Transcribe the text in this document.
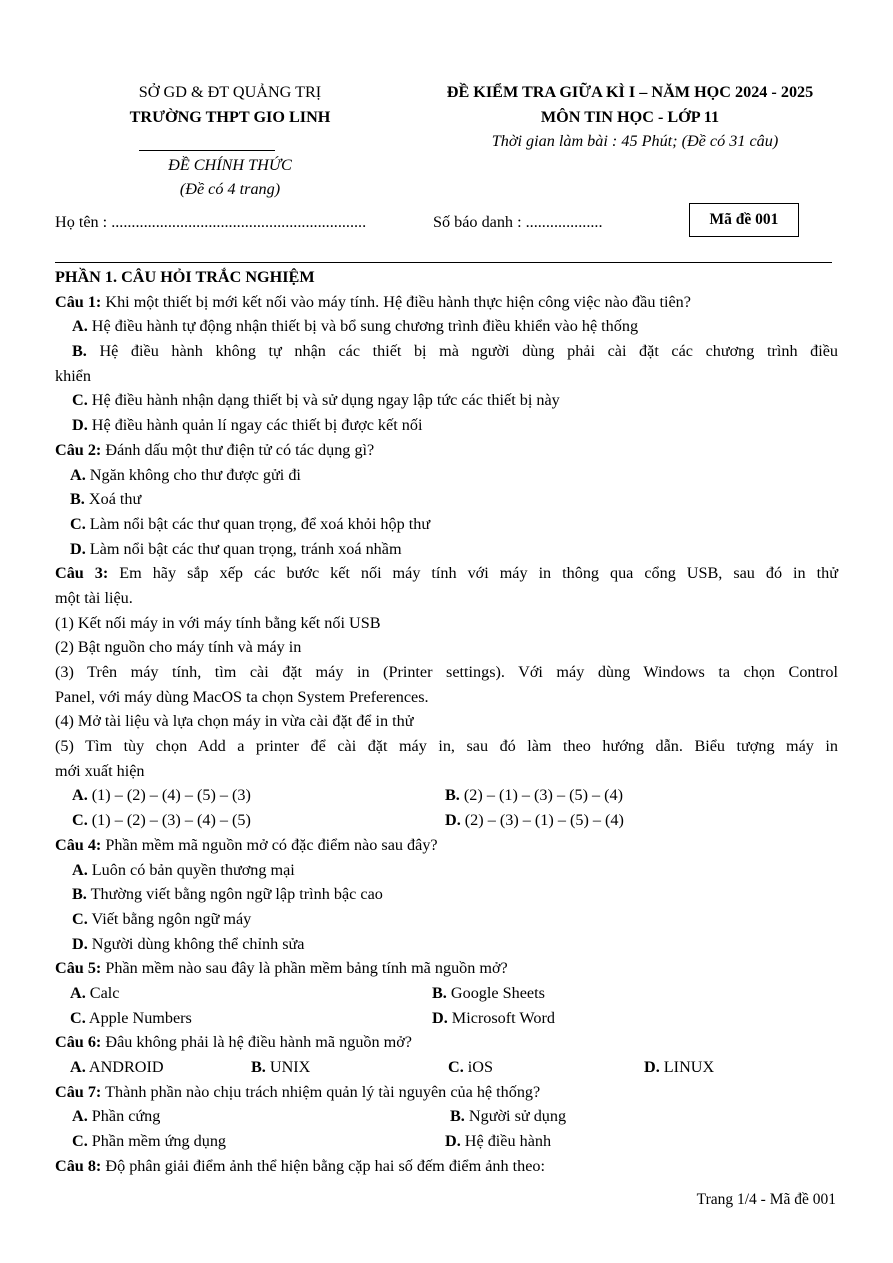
SỞ GD & ĐT QUẢNG TRỊ
TRƯỜNG THPT GIO LINH
ĐỀ CHÍNH THỨC
(Đề có 4 trang)
ĐỀ KIỂM TRA GIỮA KÌ I – NĂM HỌC 2024 - 2025
MÔN TIN HỌC - LỚP 11
Thời gian làm bài : 45 Phút; (Đề có 31 câu)
Họ tên : ...............................................................	Số báo danh : ...................	Mã đề 001
PHẦN 1. CÂU HỎI TRẮC NGHIỆM
Câu 1: Khi một thiết bị mới kết nối vào máy tính. Hệ điều hành thực hiện công việc nào đầu tiên?
A. Hệ điều hành tự động nhận thiết bị và bổ sung chương trình điều khiển vào hệ thống
B. Hệ điều hành không tự nhận các thiết bị mà người dùng phải cài đặt các chương trình điều
khiển
C. Hệ điều hành nhận dạng thiết bị và sử dụng ngay lập tức các thiết bị này
D. Hệ điều hành quản lí ngay các thiết bị được kết nối
Câu 2: Đánh dấu một thư điện tử có tác dụng gì?
A. Ngăn không cho thư được gửi đi
B. Xoá thư
C. Làm nổi bật các thư quan trọng, để xoá khỏi hộp thư
D. Làm nổi bật các thư quan trọng, tránh xoá nhầm
Câu 3: Em hãy sắp xếp các bước kết nối máy tính với máy in thông qua cổng USB, sau đó in thử
một tài liệu.
(1) Kết nối máy in với máy tính bằng kết nối USB
(2) Bật nguồn cho máy tính và máy in
(3) Trên máy tính, tìm cài đặt máy in (Printer settings). Với máy dùng Windows ta chọn Control
Panel, với máy dùng MacOS ta chọn System Preferences.
(4) Mở tài liệu và lựa chọn máy in vừa cài đặt để in thử
(5) Tìm tùy chọn Add a printer để cài đặt máy in, sau đó làm theo hướng dẫn. Biểu tượng máy in
mới xuất hiện
A. (1) – (2) – (4) – (5) – (3)	B. (2) – (1) – (3) – (5) – (4)
C. (1) – (2) – (3) – (4) – (5)	D. (2) – (3) – (1) – (5) – (4)
Câu 4: Phần mềm mã nguồn mở có đặc điểm nào sau đây?
A. Luôn có bản quyền thương mại
B. Thường viết bằng ngôn ngữ lập trình bậc cao
C. Viết bằng ngôn ngữ máy
D. Người dùng không thể chỉnh sửa
Câu 5: Phần mềm nào sau đây là phần mềm bảng tính mã nguồn mở?
A. Calc	B. Google Sheets
C. Apple Numbers	D. Microsoft Word
Câu 6: Đâu không phải là hệ điều hành mã nguồn mở?
A. ANDROID	B. UNIX	C. iOS	D. LINUX
Câu 7: Thành phần nào chịu trách nhiệm quản lý tài nguyên của hệ thống?
A. Phần cứng	B. Người sử dụng
C. Phần mềm ứng dụng	D. Hệ điều hành
Câu 8: Độ phân giải điểm ảnh thể hiện bằng cặp hai số đếm điểm ảnh theo:
Trang 1/4 - Mã đề 001
